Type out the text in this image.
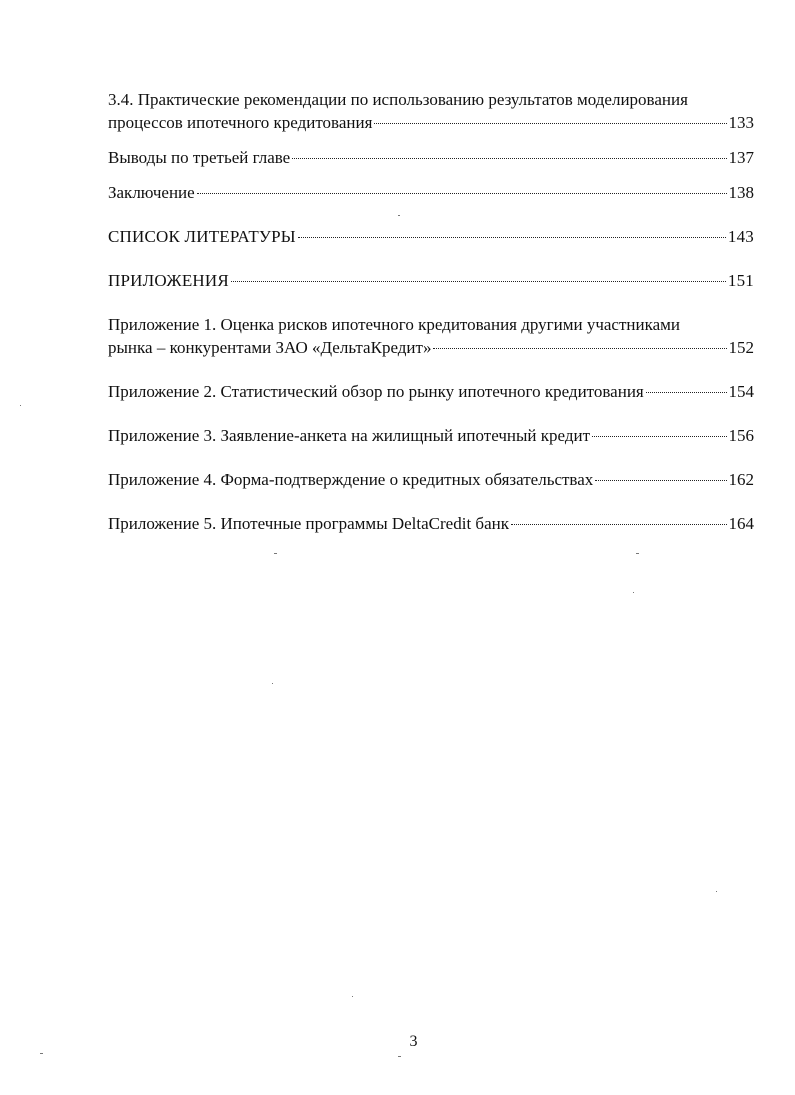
3.4. Практические рекомендации по использованию результатов моделирования
процессов ипотечного кредитования	133
Выводы по третьей главе	137
Заключение	138
СПИСОК ЛИТЕРАТУРЫ	143
ПРИЛОЖЕНИЯ	151
Приложение 1. Оценка рисков ипотечного кредитования другими участниками
рынка – конкурентами ЗАО «ДельтаКредит»	152
Приложение 2. Статистический обзор по рынку ипотечного кредитования	154
Приложение 3. Заявление-анкета на жилищный ипотечный кредит	156
Приложение 4. Форма-подтверждение о кредитных обязательствах	162
Приложение 5. Ипотечные программы DeltaCredit банк	164
3
